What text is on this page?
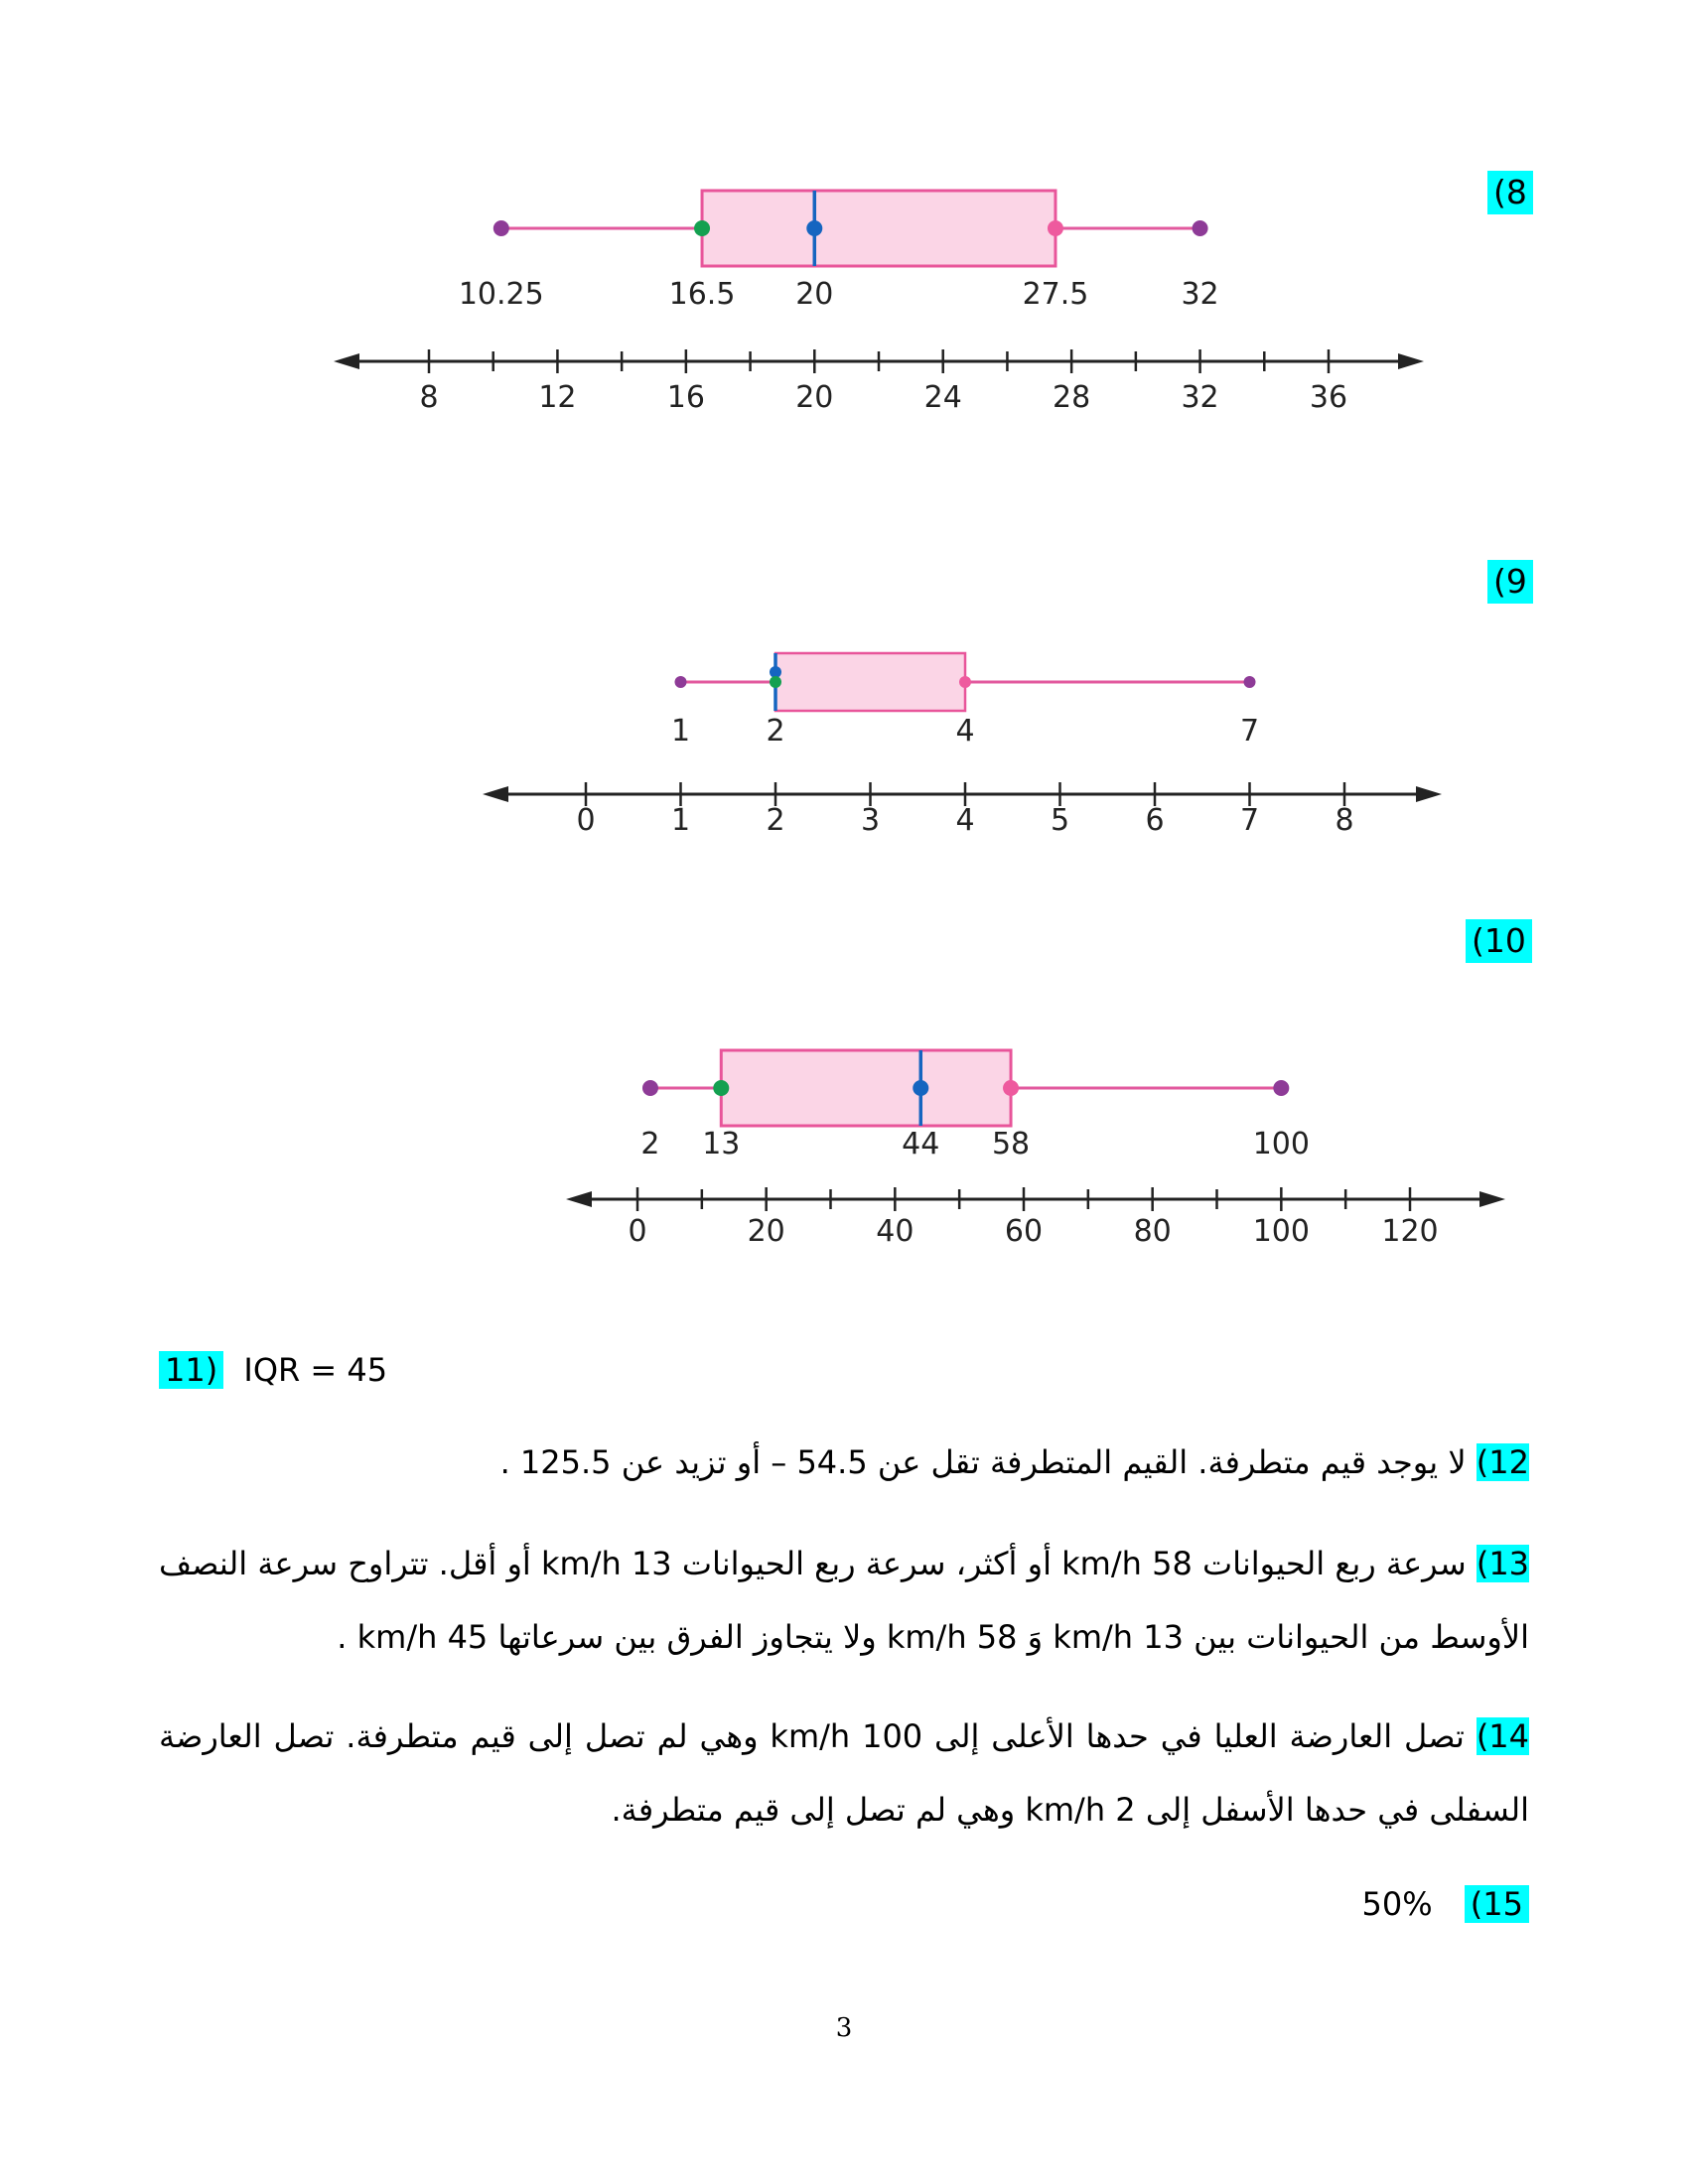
(8
(9
(10
8	12	16	20	24	28	32	36
10.25	16.5 20	27.5	32
0	1	2	3	4	5	6	7	8
1	2	4	7
0	20	40	60	80	100 120
2 13	44 58	100
11) IQR = 45
12) لا يوجد قيم متطرفة. القيم المتطرفة تقل عن 54.5 – أو تزيد عن 125.5 .
13) سرعة ربع الحيوانات 58 km/h أو أكثر، سرعة ربع الحيوانات 13 km/h أو أقل. تتراوح سرعة النصف الأوسط من الحيوانات بين 13 km/h وَ 58 km/h ولا يتجاوز الفرق بين سرعاتها 45 km/h .
14) تصل العارضة العليا في حدها الأعلى إلى 100 km/h وهي لم تصل إلى قيم متطرفة. تصل العارضة السفلى في حدها الأسفل إلى 2 km/h وهي لم تصل إلى قيم متطرفة.
50% (15
3
